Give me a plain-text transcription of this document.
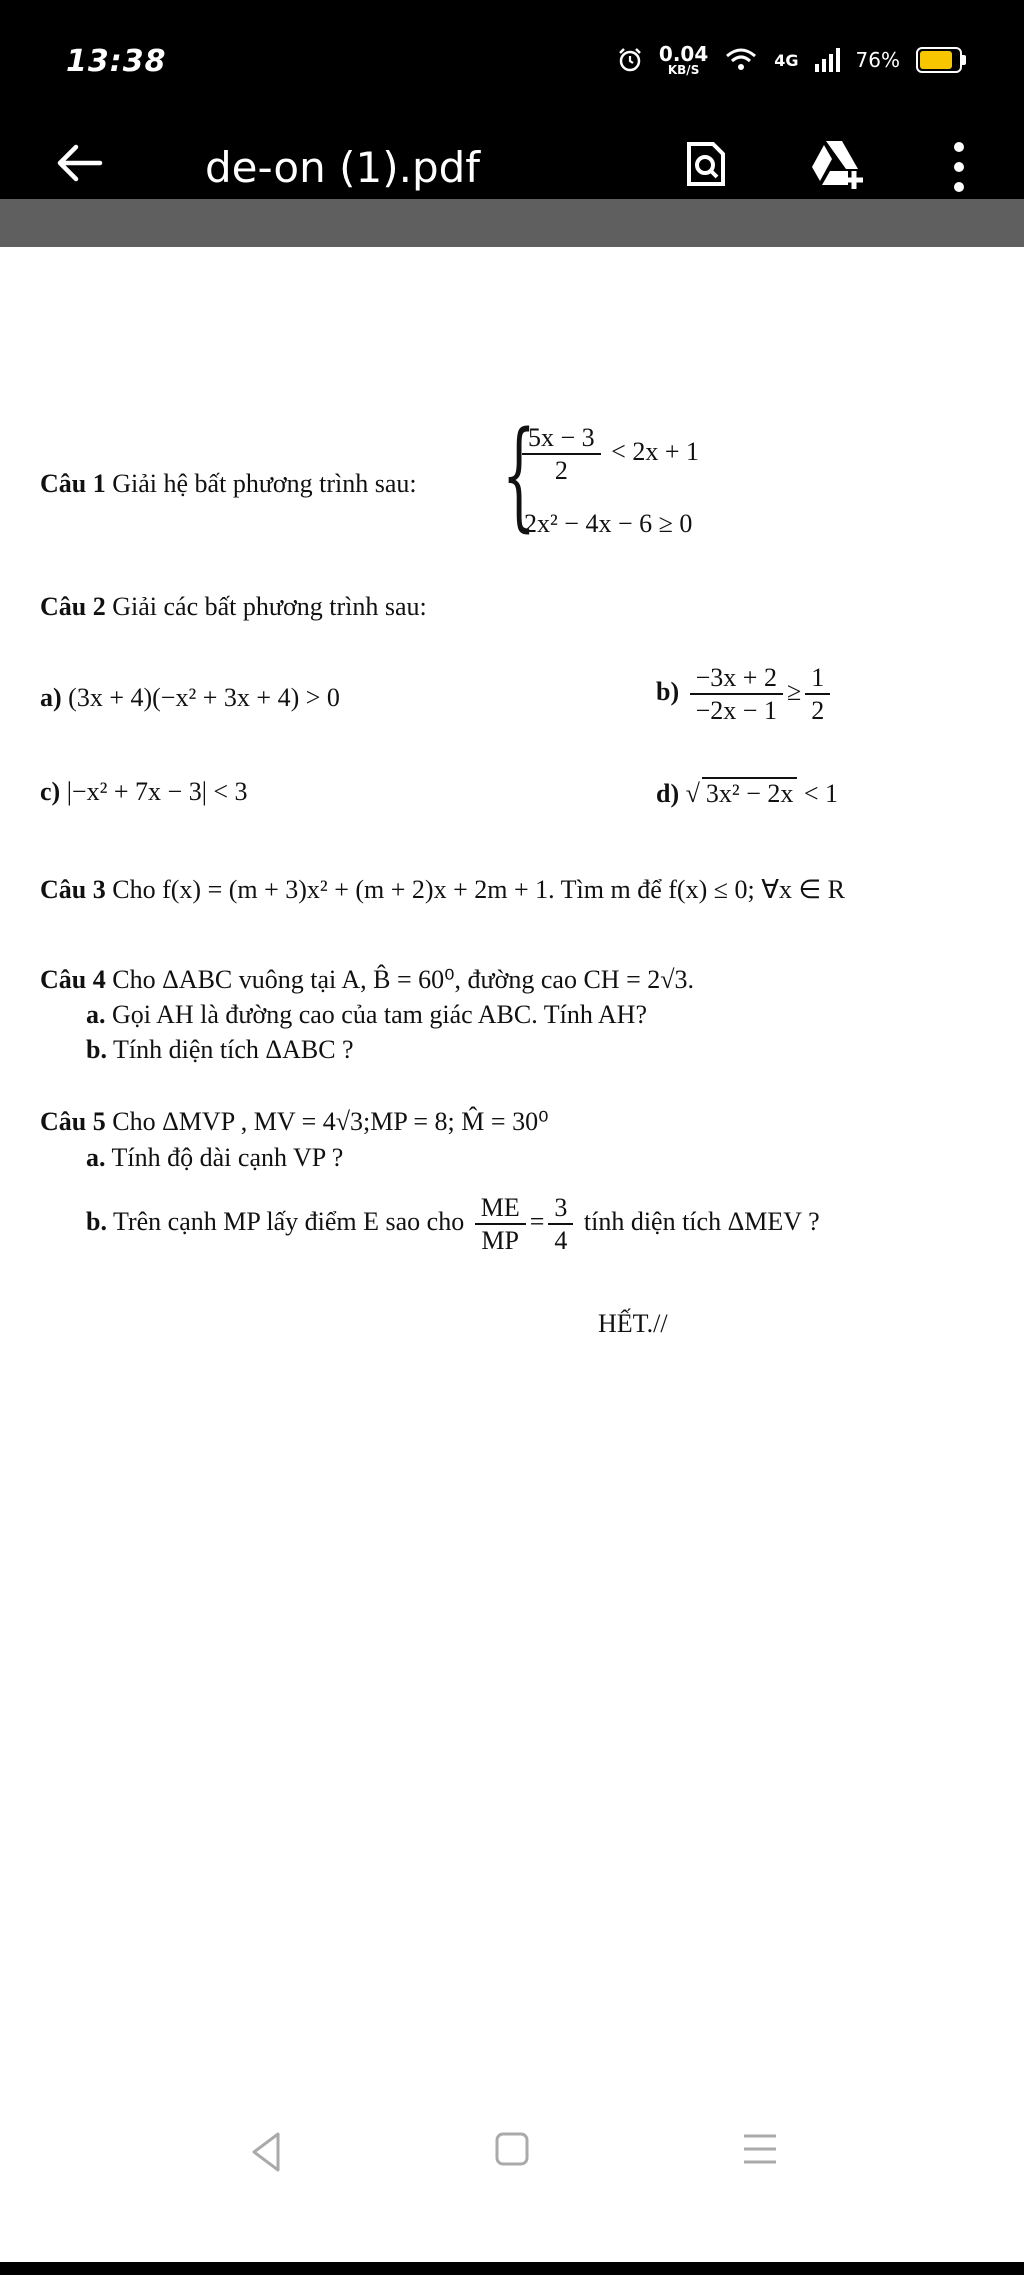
13:38	0.04
KB/S
4G	76%
de-on (1).pdf
Câu 1 Giải hệ bất phương trình sau: {
$\frac{5x - 3}{2} < 2x + 1$
2x² − 4x − 6 ≥ 0
Câu 2 Giải các bất phương trình sau:
a) (3x + 4)(−x² + 3x + 4) > 0	$b) \frac{-3x + 2}{-2x - 1} \ge \frac{1}{2}$
c) |−x² + 7x − 3| < 3	d) √ 3x² − 2x < 1
Câu 3 Cho f(x) = (m + 3)x² + (m + 2)x + 2m + 1. Tìm m để f(x) ≤ 0; ∀x ∈ R
Câu 4 Cho ΔABC vuông tại A, B̂ = 60⁰, đường cao CH = 2√3.
a. Gọi AH là đường cao của tam giác ABC. Tính AH?
b. Tính diện tích ΔABC ?
Câu 5 Cho ΔMVP , MV = 4√3;MP = 8; M̂ = 30⁰
a. Tính độ dài cạnh VP ?
b. Trên cạnh MP lấy điểm E sao cho $\frac{ME}{MP} = \frac{3}{4}$ tính diện tích ΔMEV ?
HẾT.//
